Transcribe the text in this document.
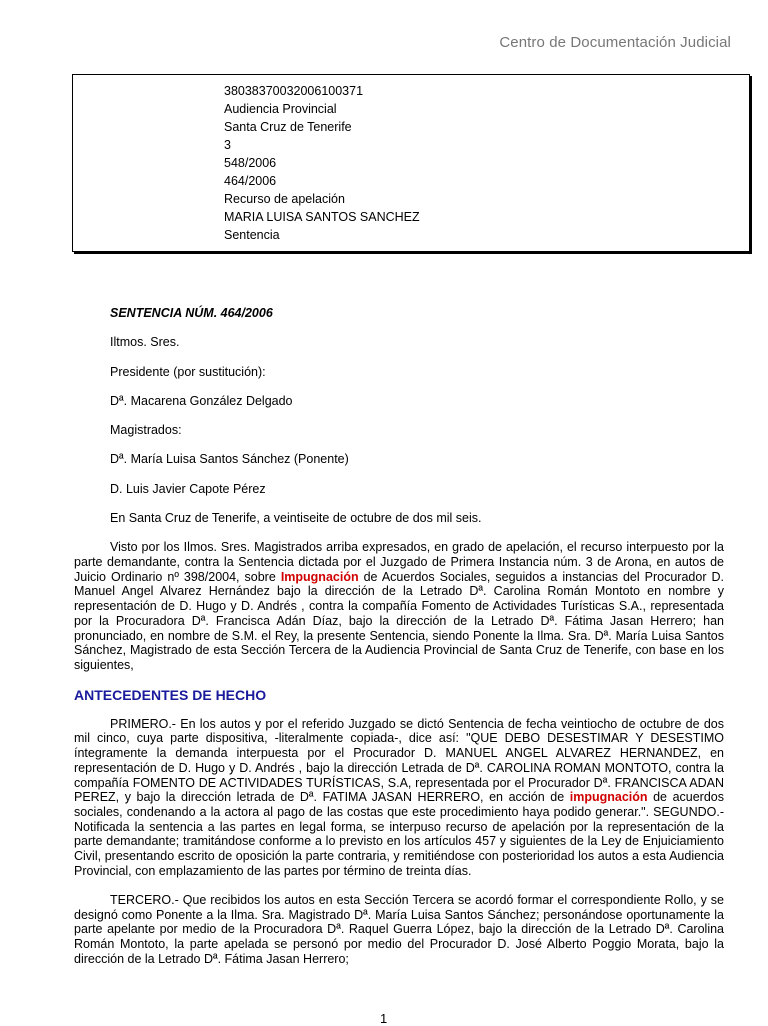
Centro de Documentación Judicial
38038370032006100371
Audiencia Provincial
Santa Cruz de Tenerife
3
548/2006
464/2006
Recurso de apelación
MARIA LUISA SANTOS SANCHEZ
Sentencia

SENTENCIA NÚM. 464/2006

Iltmos. Sres.

Presidente (por sustitución):

Dª. Macarena González Delgado

Magistrados:

Dª. María Luisa Santos Sánchez (Ponente)

D. Luis Javier Capote Pérez

En Santa Cruz de Tenerife, a veintiseite de octubre de dos mil seis.

Visto por los Ilmos. Sres. Magistrados arriba expresados, en grado de apelación, el recurso interpuesto por la parte demandante, contra la Sentencia dictada por el Juzgado de Primera Instancia núm. 3 de Arona, en autos de Juicio Ordinario nº 398/2004, sobre Impugnación de Acuerdos Sociales, seguidos a instancias del Procurador D. Manuel Angel Alvarez Hernández bajo la dirección de la Letrado Dª. Carolina Román Montoto en nombre y representación de D. Hugo y D. Andrés , contra la compañía Fomento de Actividades Turísticas S.A., representada por la Procuradora Dª. Francisca Adán Díaz, bajo la dirección de la Letrado Dª. Fátima Jasan Herrero; han pronunciado, en nombre de S.M. el Rey, la presente Sentencia, siendo Ponente la Ilma. Sra. Dª. María Luisa Santos Sánchez, Magistrado de esta Sección Tercera de la Audiencia Provincial de Santa Cruz de Tenerife, con base en los siguientes,

ANTECEDENTES DE HECHO

PRIMERO.- En los autos y por el referido Juzgado se dictó Sentencia de fecha veintiocho de octubre de dos mil cinco, cuya parte dispositiva, -literalmente copiada-, dice así: "QUE DEBO DESESTIMAR Y DESESTIMO íntegramente la demanda interpuesta por el Procurador D. MANUEL ANGEL ALVAREZ HERNANDEZ, en representación de D. Hugo y D. Andrés , bajo la dirección Letrada de Dª. CAROLINA ROMAN MONTOTO, contra la compañía FOMENTO DE ACTIVIDADES TURÍSTICAS, S.A, representada por el Procurador Dª. FRANCISCA ADAN PEREZ, y bajo la dirección letrada de Dª. FATIMA JASAN HERRERO, en acción de impugnación de acuerdos sociales, condenando a la actora al pago de las costas que este procedimiento haya podido generar.". SEGUNDO.- Notificada la sentencia a las partes en legal forma, se interpuso recurso de apelación por la representación de la parte demandante; tramitándose conforme a lo previsto en los artículos 457 y siguientes de la Ley de Enjuiciamiento Civil, presentando escrito de oposición la parte contraria, y remitiéndose con posterioridad los autos a esta Audiencia Provincial, con emplazamiento de las partes por término de treinta días.

TERCERO.- Que recibidos los autos en esta Sección Tercera se acordó formar el correspondiente Rollo, y se designó como Ponente a la Ilma. Sra. Magistrado Dª. María Luisa Santos Sánchez; personándose oportunamente la parte apelante por medio de la Procuradora Dª. Raquel Guerra López, bajo la dirección de la Letrado Dª. Carolina Román Montoto, la parte apelada se personó por medio del Procurador D. José Alberto Poggio Morata, bajo la dirección de la Letrado Dª. Fátima Jasan Herrero;

1
